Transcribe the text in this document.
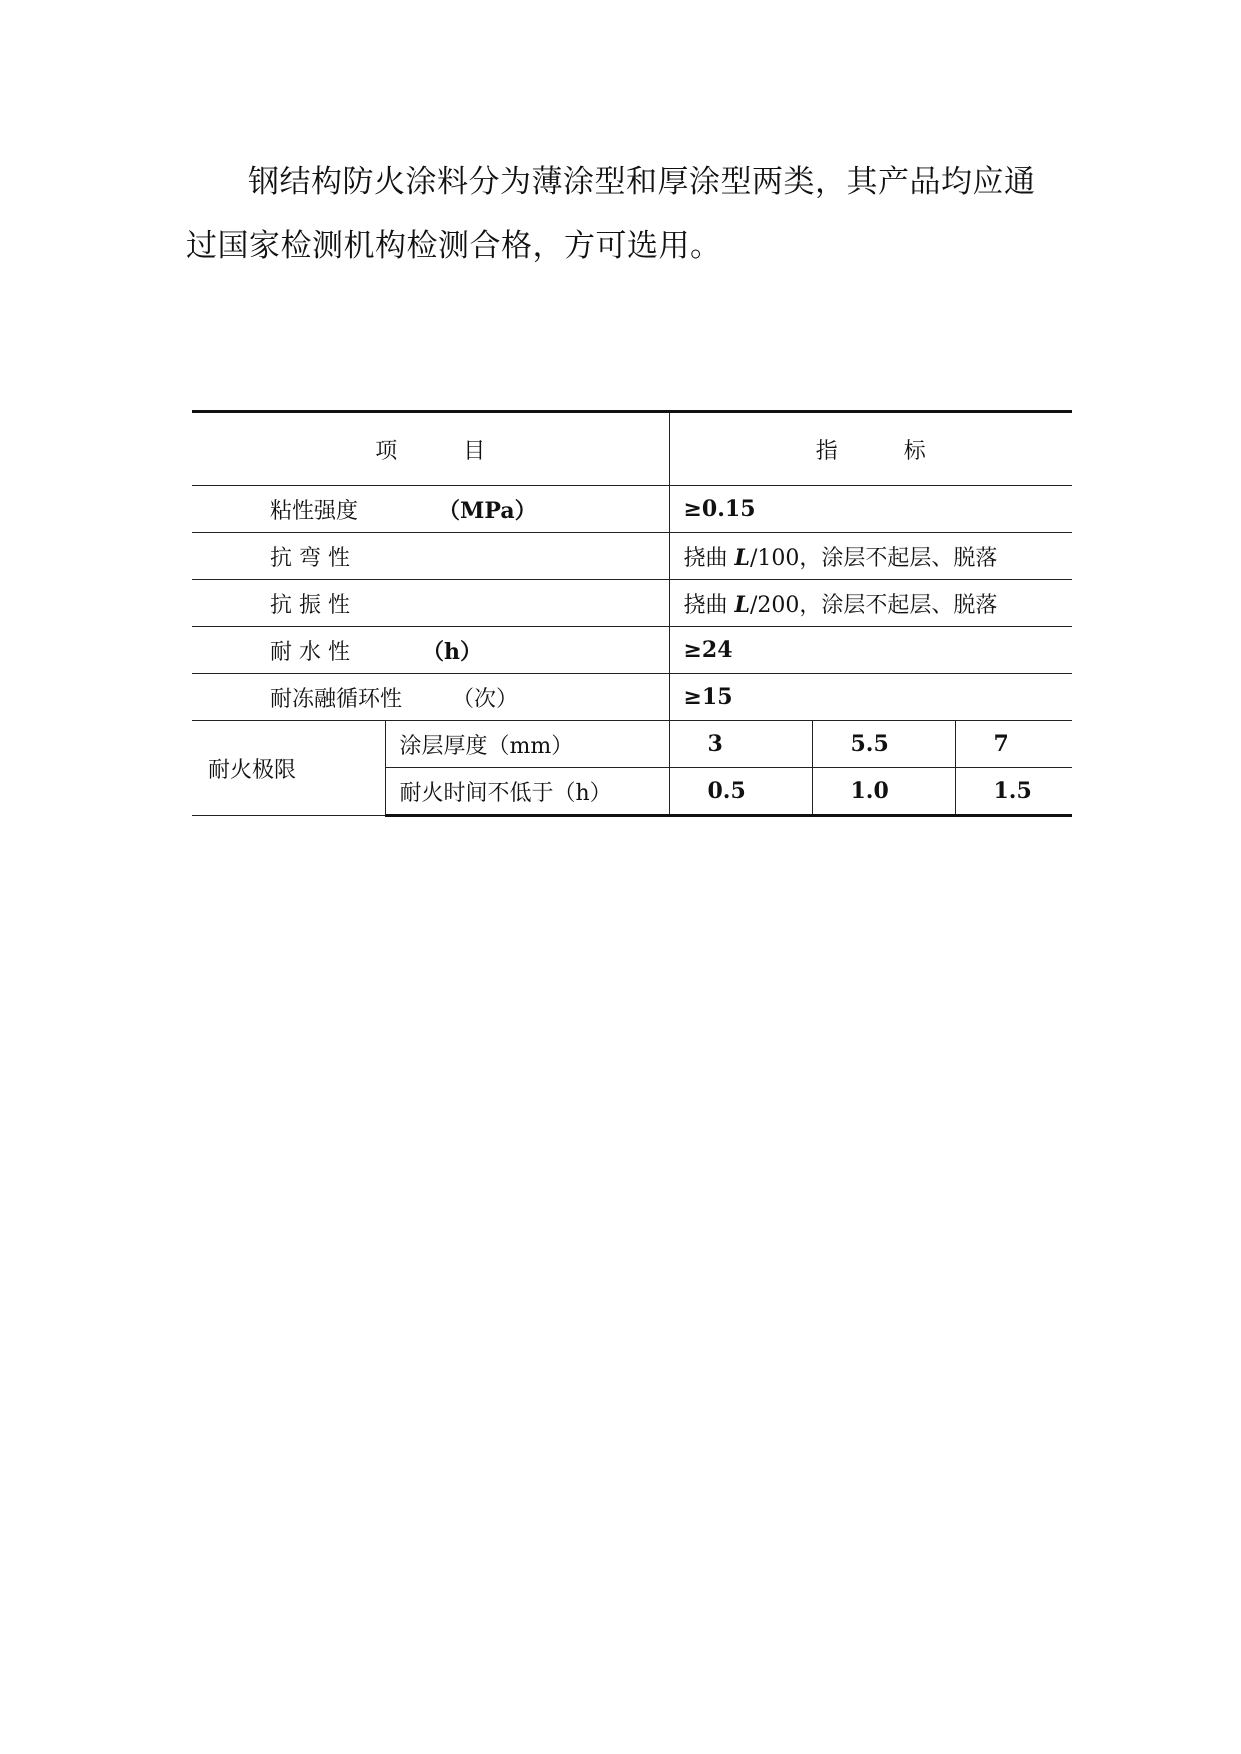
钢结构防火涂料分为薄涂型和厚涂型两类，其产品均应通过国家检测机构检测合格，方可选用。

项　　　目		指　　　标		
粘性强度 （MPa）		≥0.15		
抗 弯 性		挠曲 L/100，涂层不起层、脱落		
抗 振 性		挠曲 L/200，涂层不起层、脱落		
耐 水 性 （h）		≥24		
耐冻融循环性 （次）		≥15		
耐火极限	涂层厚度（mm）	3	5.5	7
	耐火时间不低于（h）	0.5	1.0	1.5
